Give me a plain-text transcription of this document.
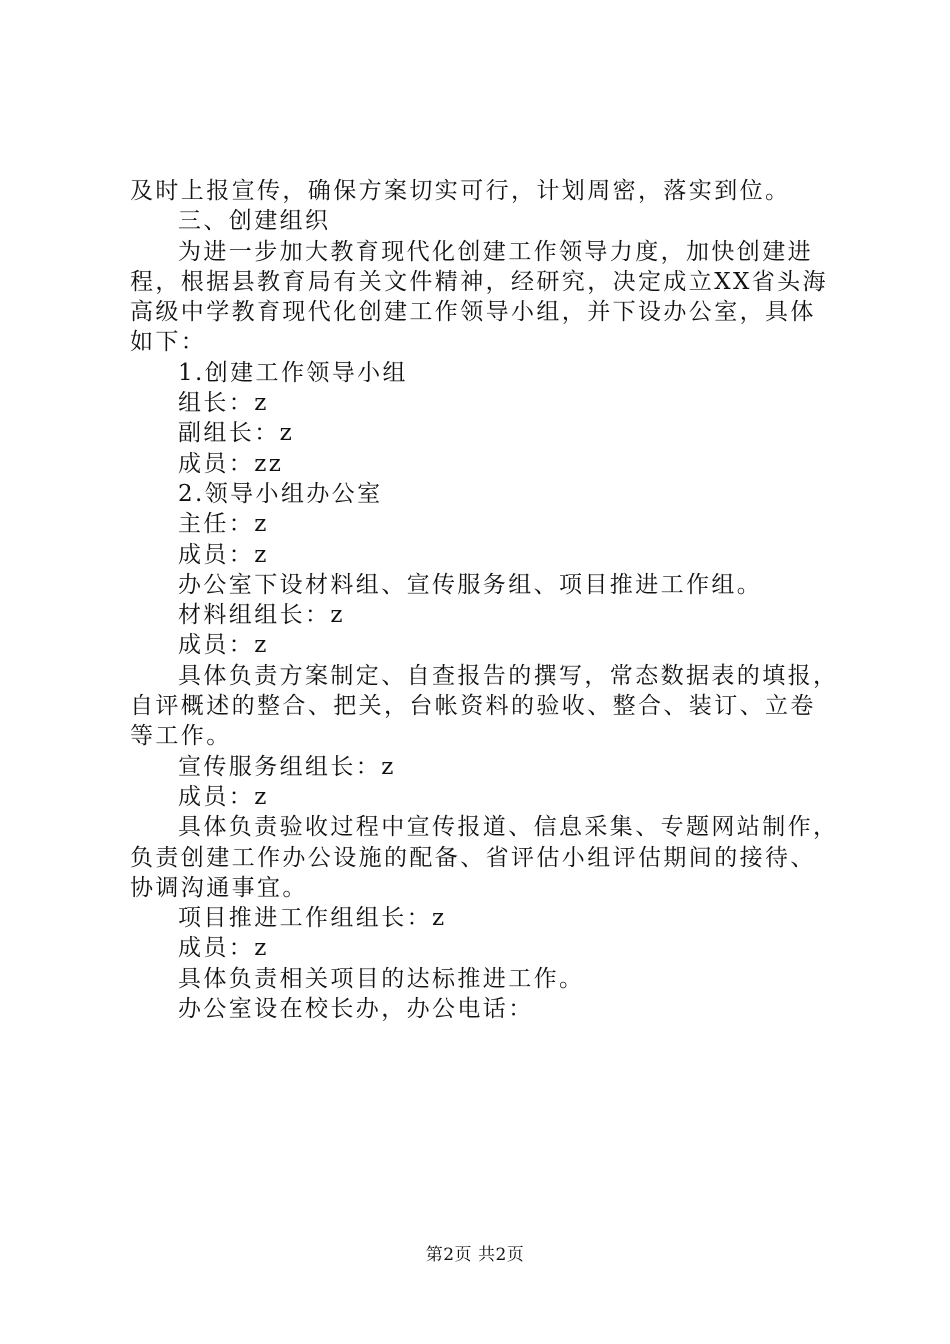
及时上报宣传，确保方案切实可行，计划周密，落实到位。
三、创建组织
为进一步加大教育现代化创建工作领导力度，加快创建进
程，根据县教育局有关文件精神，经研究，决定成立XX省头海
高级中学教育现代化创建工作领导小组，并下设办公室，具体
如下：
1.创建工作领导小组
组长：z
副组长：z
成员：zz
2.领导小组办公室
主任：z
成员：z
办公室下设材料组、宣传服务组、项目推进工作组。
材料组组长：z
成员：z
具体负责方案制定、自查报告的撰写，常态数据表的填报，
自评概述的整合、把关，台帐资料的验收、整合、装订、立卷
等工作。
宣传服务组组长：z
成员：z
具体负责验收过程中宣传报道、信息采集、专题网站制作，
负责创建工作办公设施的配备、省评估小组评估期间的接待、
协调沟通事宜。
项目推进工作组组长：z
成员：z
具体负责相关项目的达标推进工作。
办公室设在校长办，办公电话：
第2页 共2页
